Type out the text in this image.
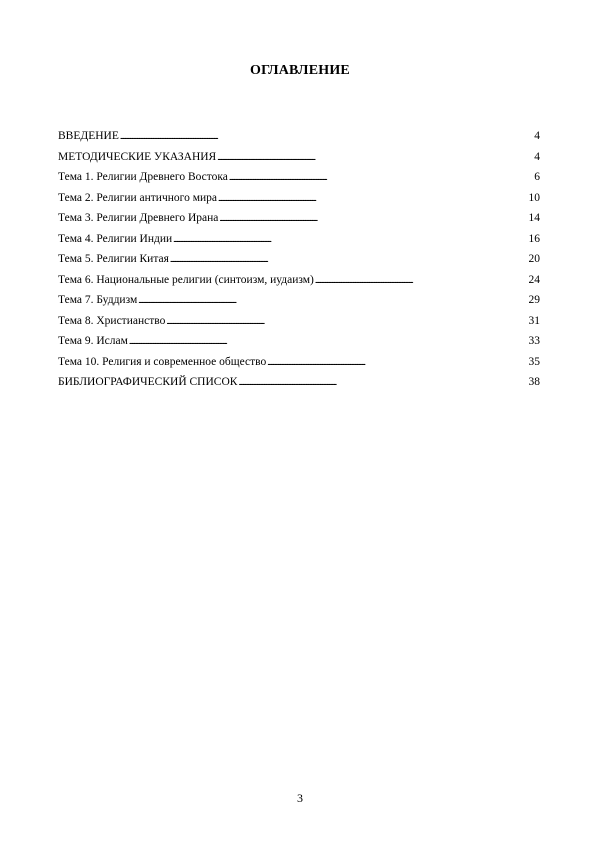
ОГЛАВЛЕНИЕ
ВВЕДЕНИЕ . . .	4
МЕТОДИЧЕСКИЕ УКАЗАНИЯ . . .	4
Тема 1. Религии Древнего Востока . . .	6
Тема 2. Религии античного мира . . .	10
Тема 3. Религии Древнего Ирана . . .	14
Тема 4. Религии Индии . . .	16
Тема 5. Религии Китая . . .	20
Тема 6. Национальные религии (синтоизм, иудаизм) . . .	24
Тема 7. Буддизм . . .	29
Тема 8. Христианство . . .	31
Тема 9. Ислам . . .	33
Тема 10. Религия и современное общество . . .	35
БИБЛИОГРАФИЧЕСКИЙ СПИСОК . . .	38
3
